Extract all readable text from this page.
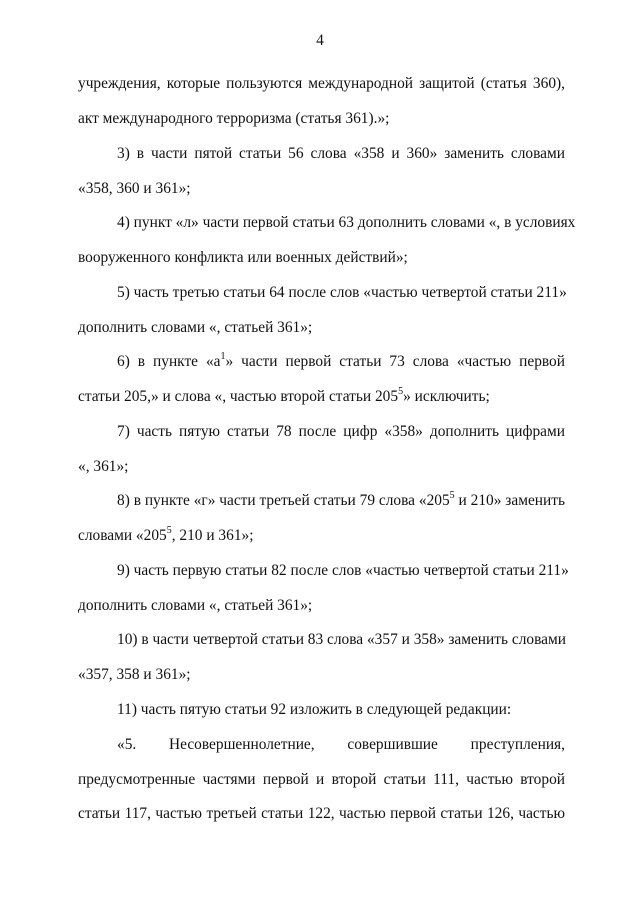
4
учреждения, которые пользуются международной защитой (статья 360),
акт международного терроризма (статья 361).»;
3) в части пятой статьи 56 слова «358 и 360» заменить словами
«358, 360 и 361»;
4) пункт «л» части первой статьи 63 дополнить словами «, в условиях
вооруженного конфликта или военных действий»;
5) часть третью статьи 64 после слов «частью четвертой статьи 211»
дополнить словами «, статьей 361»;
6) в пункте «$а^1$» части первой статьи 73 слова «частью первой
статьи 205,» и слова «, частью второй статьи $205^5$» исключить;
7) часть пятую статьи 78 после цифр «358» дополнить цифрами
«, 361»;
8) в пункте «г» части третьей статьи 79 слова «$205^5$ и 210» заменить
словами «$205^5$, 210 и 361»;
9) часть первую статьи 82 после слов «частью четвертой статьи 211»
дополнить словами «, статьей 361»;
10) в части четвертой статьи 83 слова «357 и 358» заменить словами
«357, 358 и 361»;
11) часть пятую статьи 92 изложить в следующей редакции:
«5. Несовершеннолетние, совершившие преступления,
предусмотренные частями первой и второй статьи 111, частью второй
статьи 117, частью третьей статьи 122, частью первой статьи 126, частью
